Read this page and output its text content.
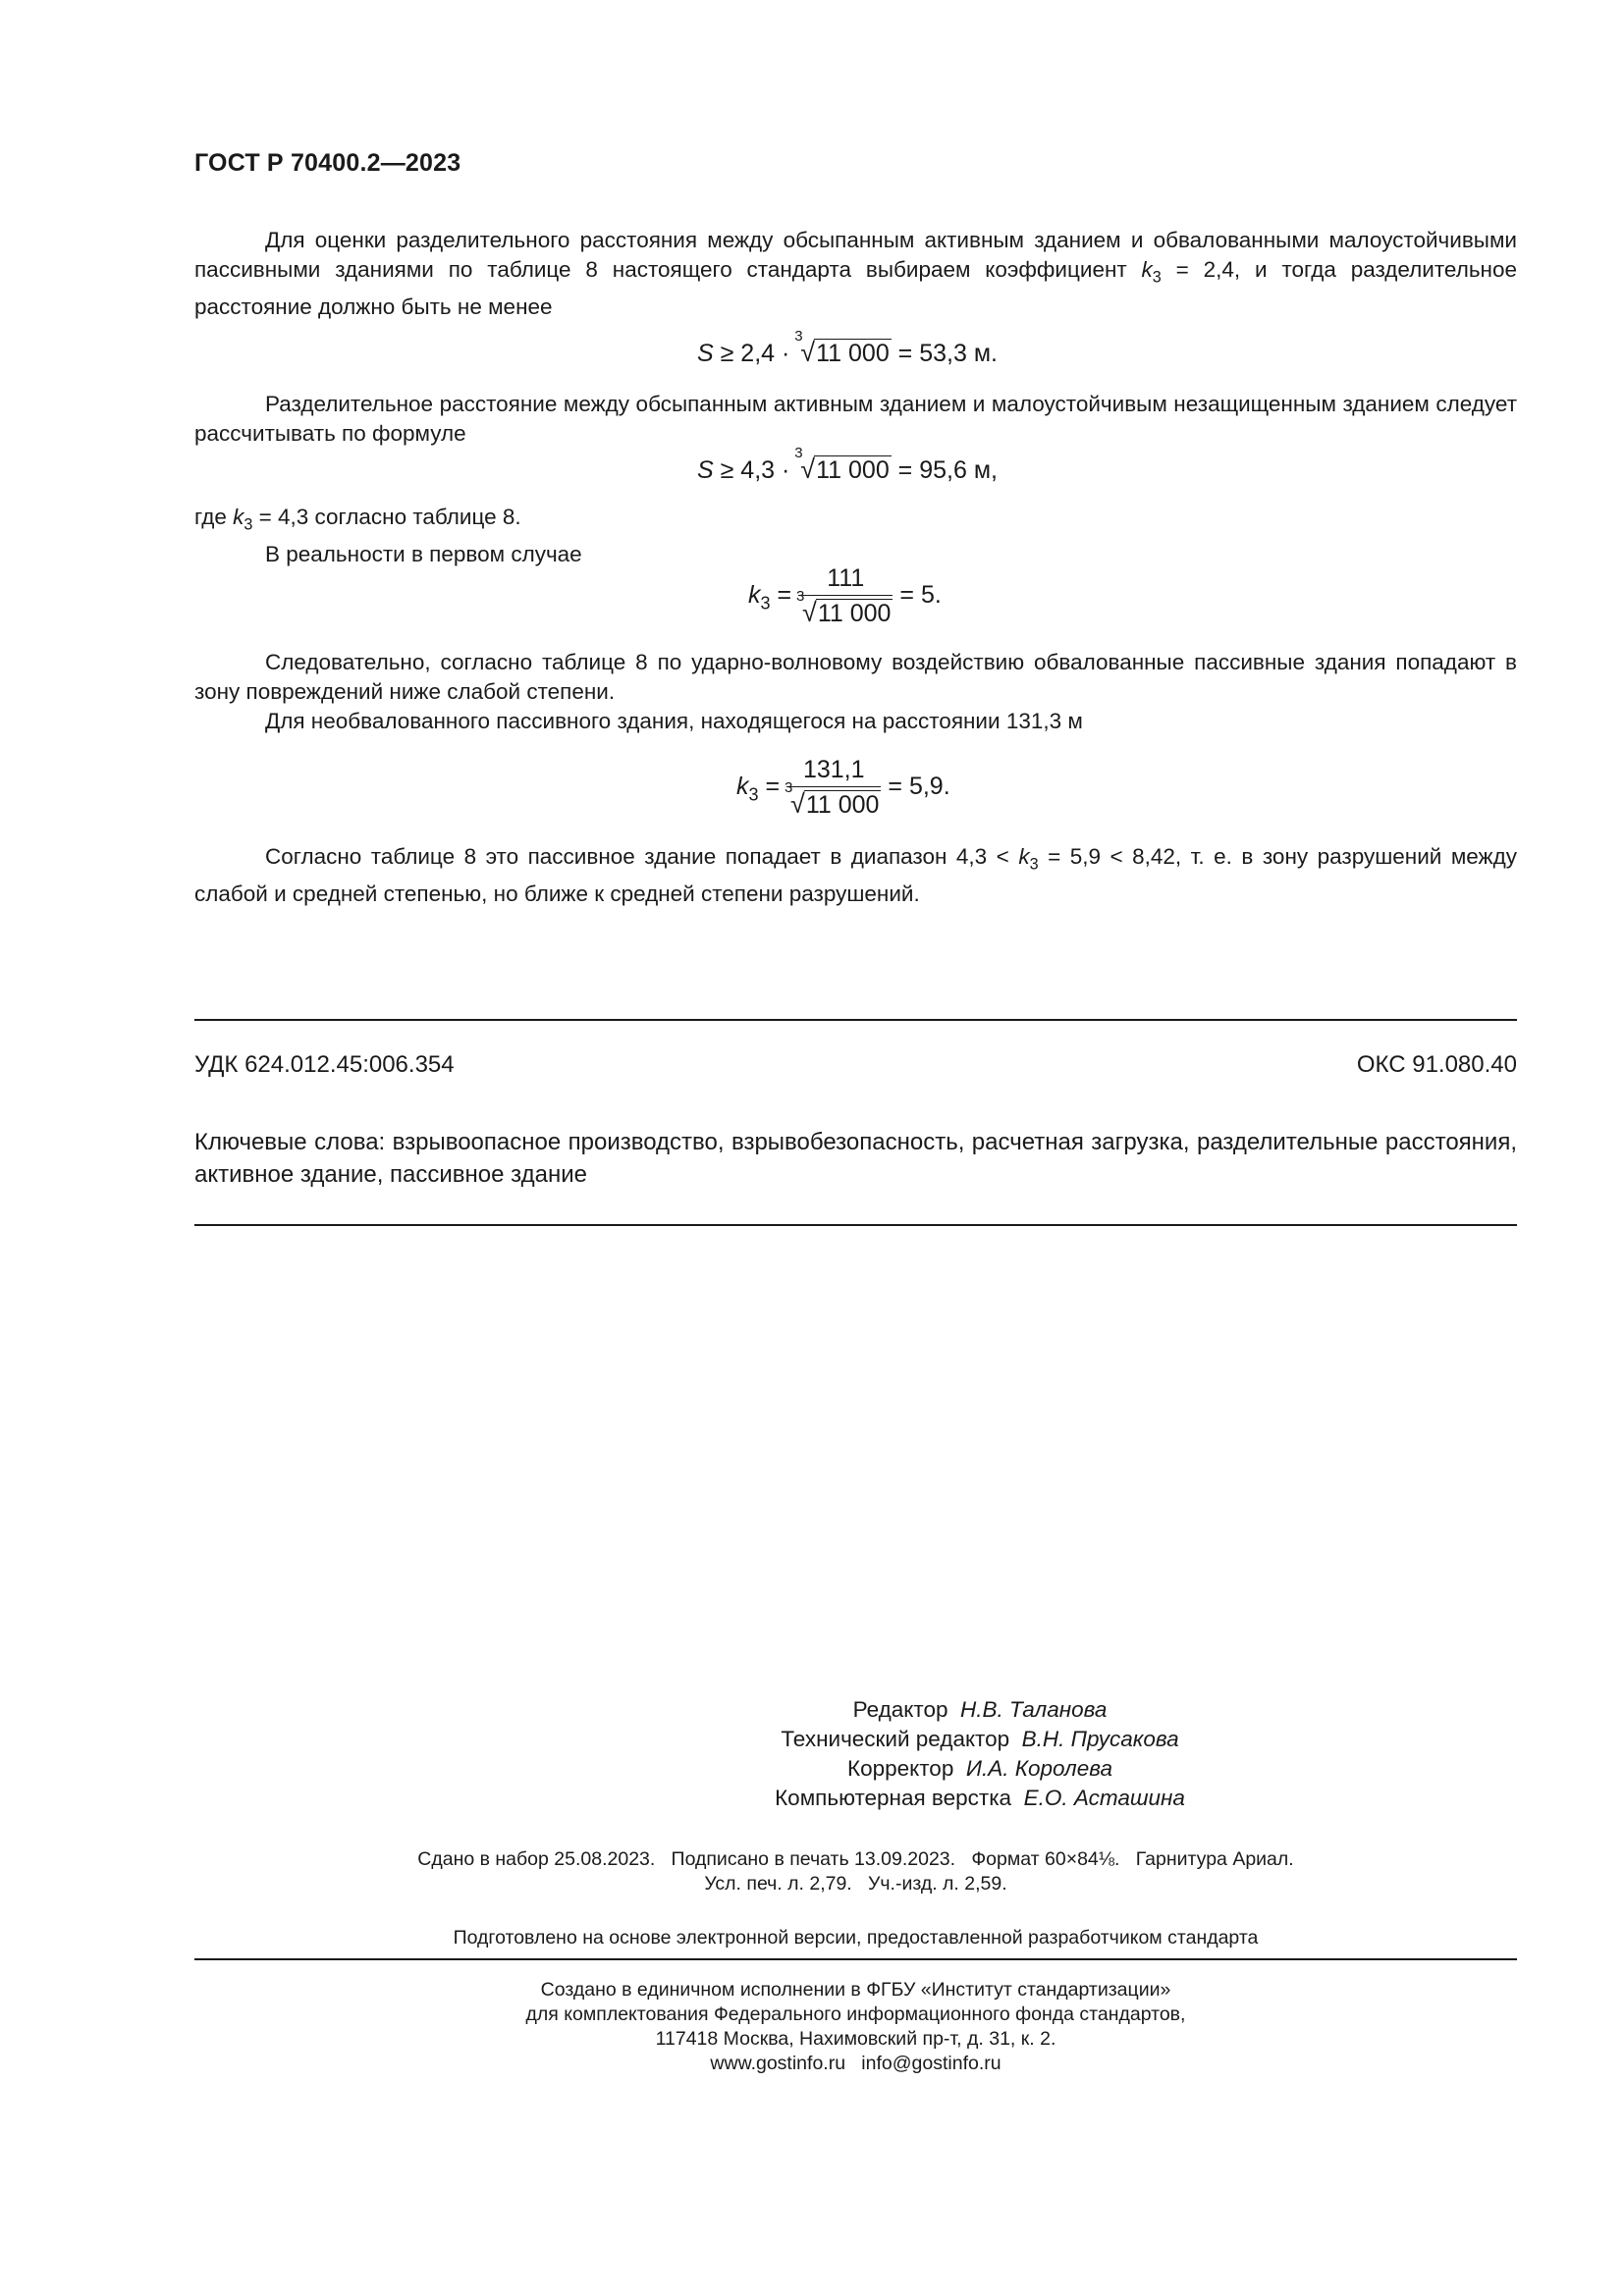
ГОСТ Р 70400.2—2023

Для оценки разделительного расстояния между обсыпанным активным зданием и обвалованными малоустойчивыми пассивными зданиями по таблице 8 настоящего стандарта выбираем коэффициент $k_3 = 2,4$, и тогда разделительное расстояние должно быть не менее

S ≥ 2,4 ·
3
√11 000 = 53,3 м.

Разделительное расстояние между обсыпанным активным зданием и малоустойчивым незащищенным зданием следует рассчитывать по формуле

S ≥ 4,3 ·
3
√11 000 = 95,6 м,

где $k_3 = 4,3$ согласно таблице 8.

В реальности в первом случае

$k_3 = 111$
3
√11 000 = 5.

Следовательно, согласно таблице 8 по ударно-волновому воздействию обвалованные пассивные здания попадают в зону повреждений ниже слабой степени.

Для необвалованного пассивного здания, находящегося на расстоянии 131,3 м

$k_3 = 131,1$
3
√11 000 = 5,9.

Согласно таблице 8 это пассивное здание попадает в диапазон $4,3 < k_3 = 5,9 < 8,42$, т. е. в зону разрушений между слабой и средней степенью, но ближе к средней степени разрушений.

УДК 624.012.45:006.354	ОКС 91.080.40
Ключевые слова: взрывоопасное производство, взрывобезопасность, расчетная загрузка, разделительные расстояния, активное здание, пассивное здание
Редактор Н.В. Таланова
Технический редактор В.Н. Прусакова
Корректор И.А. Королева
Компьютерная верстка Е.О. Асташина
Сдано в набор 25.08.2023.   Подписано в печать 13.09.2023.   Формат 60×84⅛.   Гарнитура Ариал.
Усл. печ. л. 2,79.   Уч.-изд. л. 2,59.
Подготовлено на основе электронной версии, предоставленной разработчиком стандарта
Создано в единичном исполнении в ФГБУ «Институт стандартизации»
для комплектования Федерального информационного фонда стандартов,
117418 Москва, Нахимовский пр-т, д. 31, к. 2.
www.gostinfo.ru   info@gostinfo.ru
